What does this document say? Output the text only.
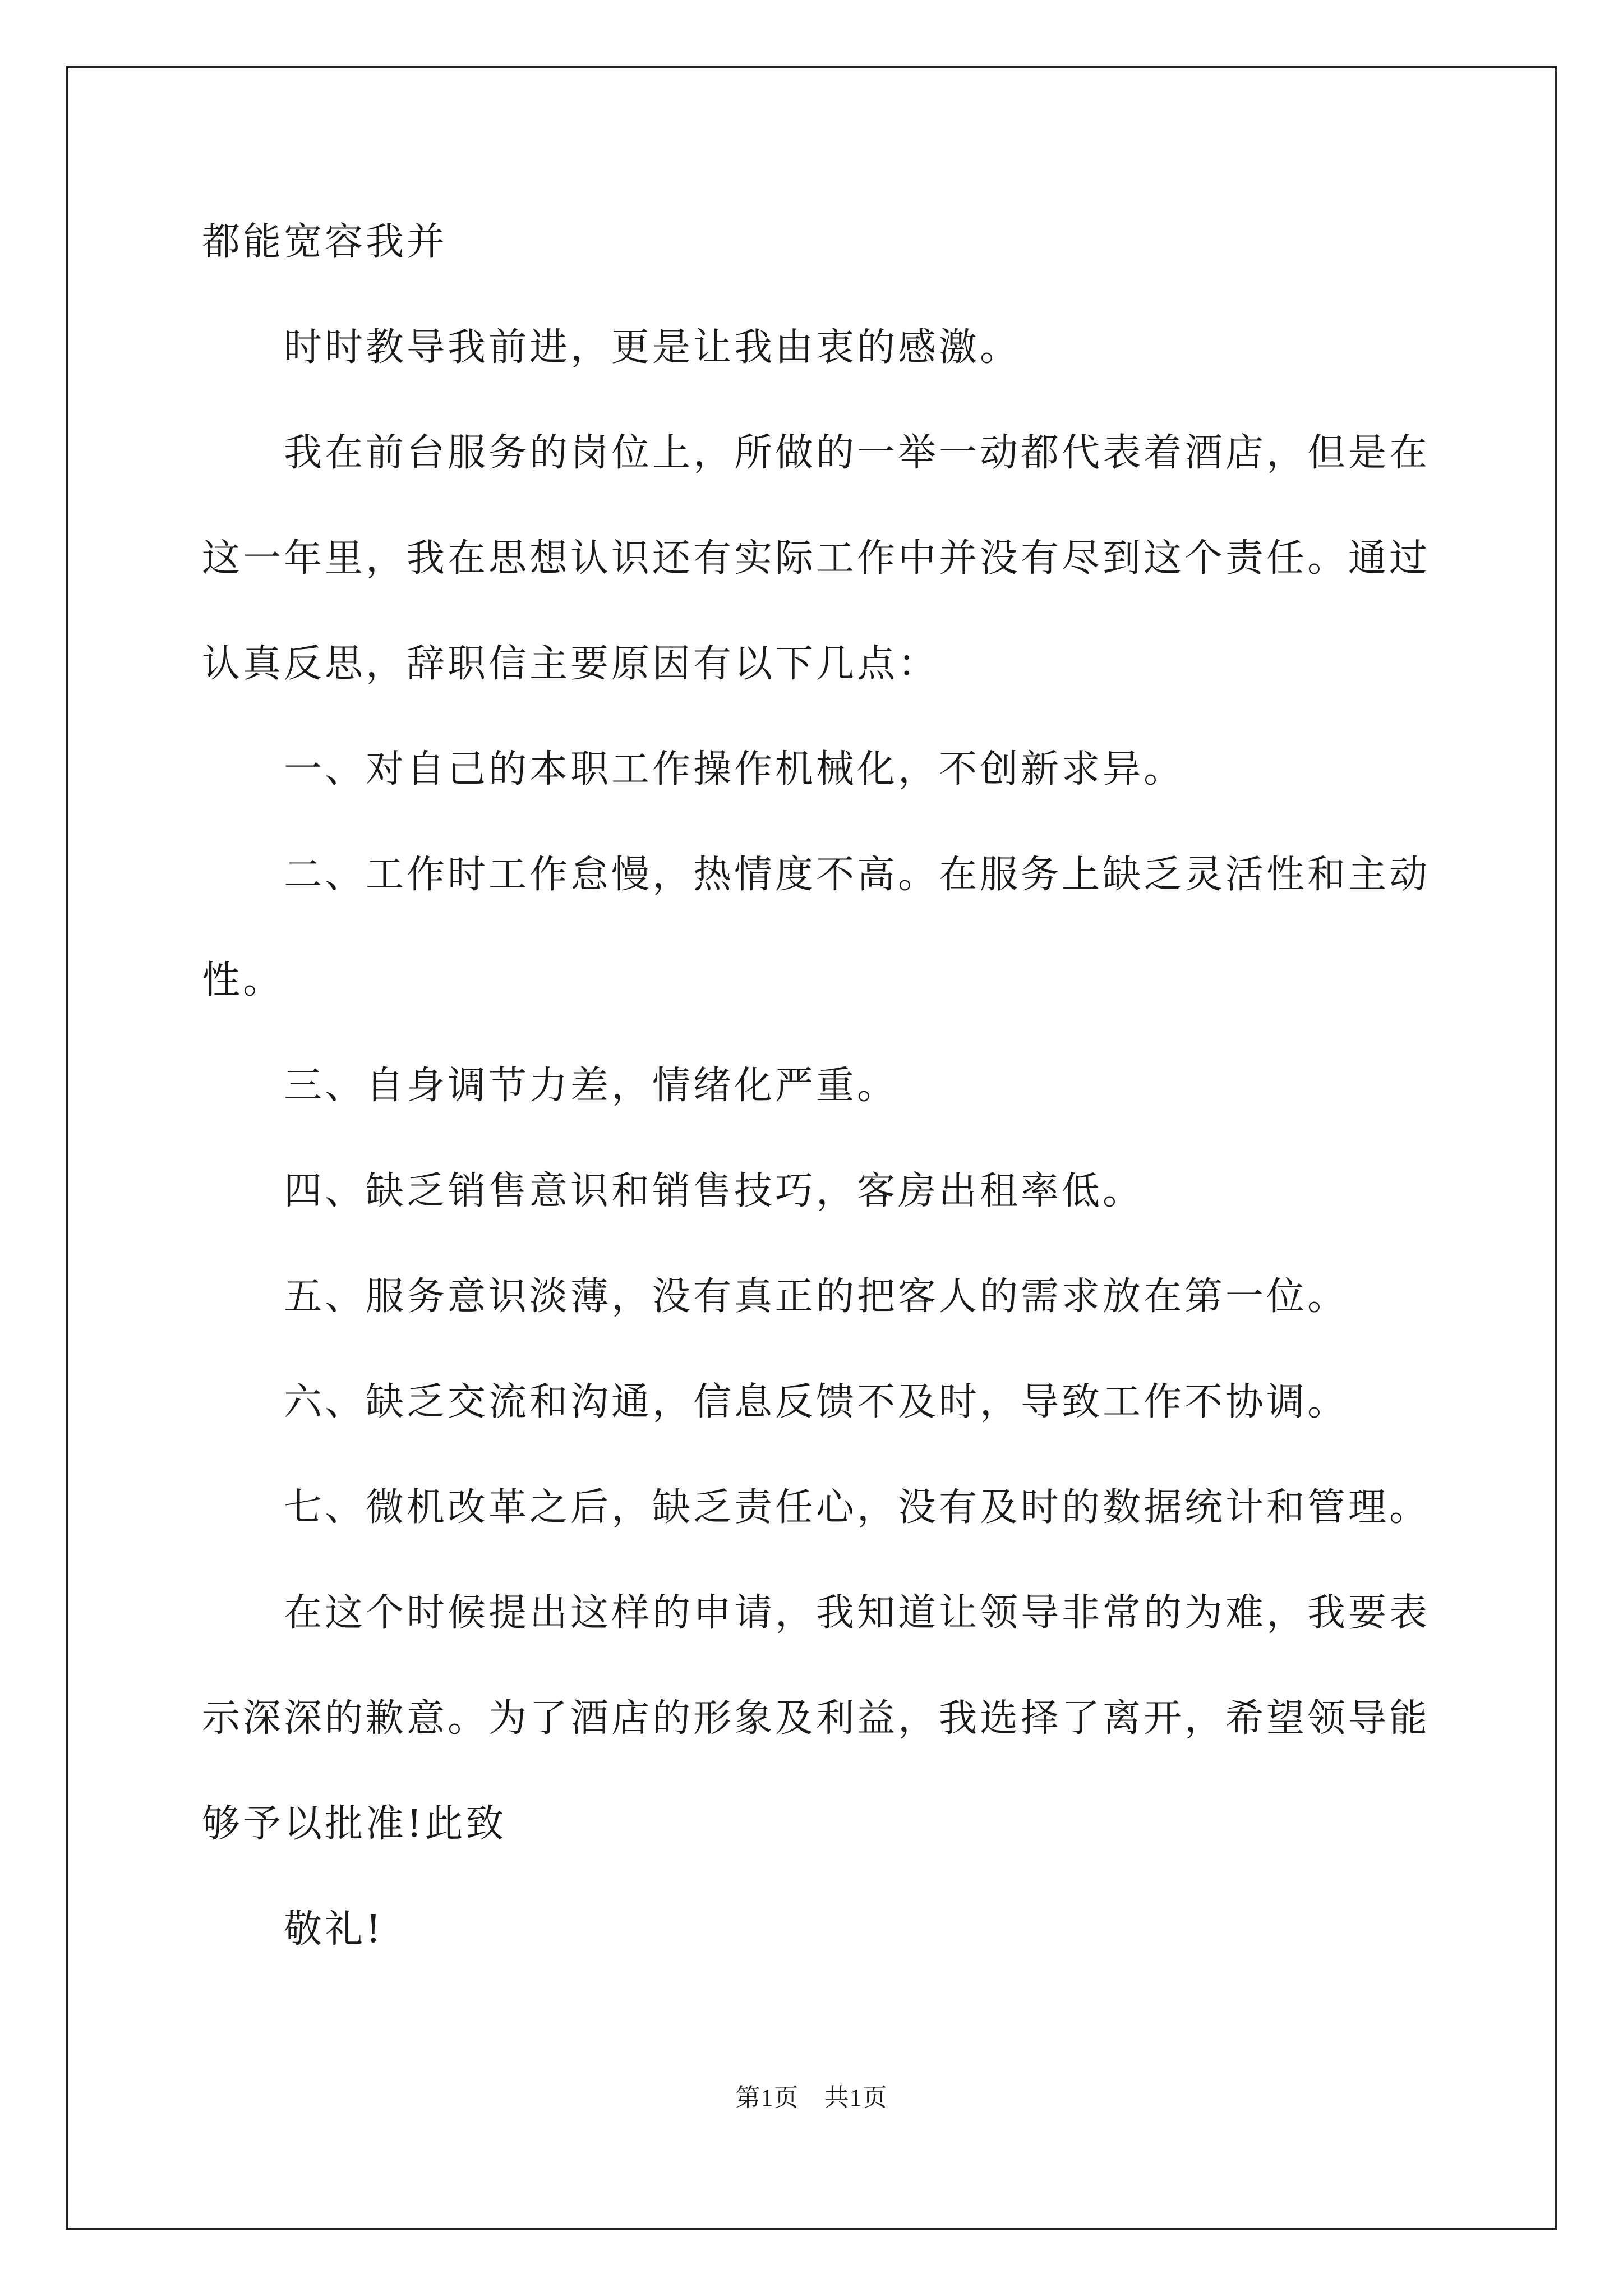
都能宽容我并

　　时时教导我前进，更是让我由衷的感激。

　　我在前台服务的岗位上，所做的一举一动都代表着酒店，但是在

这一年里，我在思想认识还有实际工作中并没有尽到这个责任。通过

认真反思，辞职信主要原因有以下几点：

　　一、对自己的本职工作操作机械化，不创新求异。

　　二、工作时工作怠慢，热情度不高。在服务上缺乏灵活性和主动

性。

　　三、自身调节力差，情绪化严重。

　　四、缺乏销售意识和销售技巧，客房出租率低。

　　五、服务意识淡薄，没有真正的把客人的需求放在第一位。

　　六、缺乏交流和沟通，信息反馈不及时，导致工作不协调。

　　七、微机改革之后，缺乏责任心，没有及时的数据统计和管理。

　　在这个时候提出这样的申请，我知道让领导非常的为难，我要表

示深深的歉意。为了酒店的形象及利益，我选择了离开，希望领导能

够予以批准!此致

　　敬礼!

第1页　共1页
